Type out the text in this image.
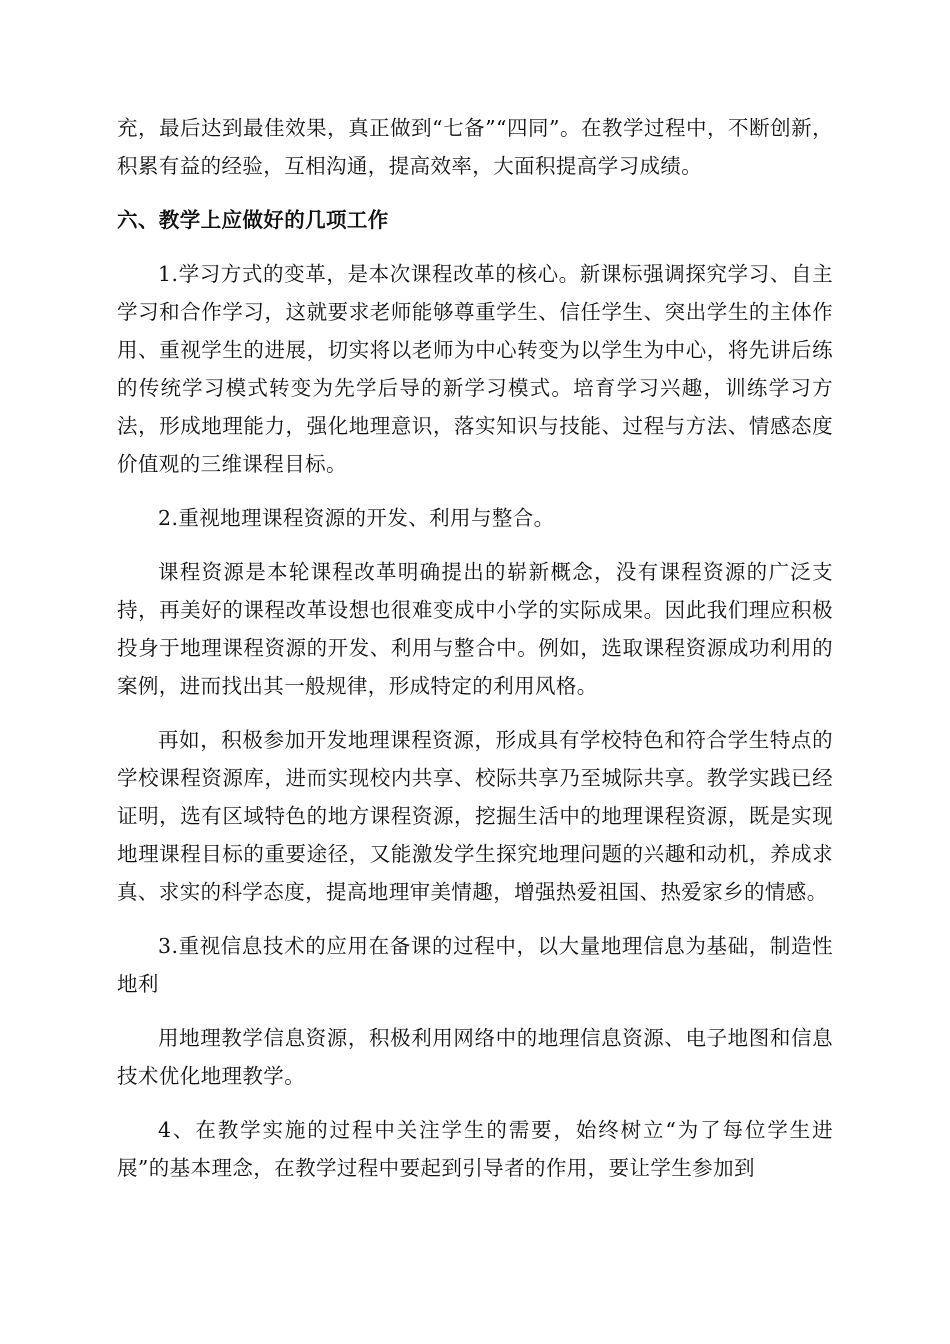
充，最后达到最佳效果，真正做到“七备”“四同”。在教学过程中，不断创新，积累有益的经验，互相沟通，提高效率，大面积提高学习成绩。

六、教学上应做好的几项工作

1.学习方式的变革，是本次课程改革的核心。新课标强调探究学习、自主学习和合作学习，这就要求老师能够尊重学生、信任学生、突出学生的主体作用、重视学生的进展，切实将以老师为中心转变为以学生为中心，将先讲后练的传统学习模式转变为先学后导的新学习模式。培育学习兴趣，训练学习方法，形成地理能力，强化地理意识，落实知识与技能、过程与方法、情感态度价值观的三维课程目标。

2.重视地理课程资源的开发、利用与整合。

课程资源是本轮课程改革明确提出的崭新概念，没有课程资源的广泛支持，再美好的课程改革设想也很难变成中小学的实际成果。因此我们理应积极投身于地理课程资源的开发、利用与整合中。例如，选取课程资源成功利用的案例，进而找出其一般规律，形成特定的利用风格。

再如，积极参加开发地理课程资源，形成具有学校特色和符合学生特点的学校课程资源库，进而实现校内共享、校际共享乃至城际共享。教学实践已经证明，选有区域特色的地方课程资源，挖掘生活中的地理课程资源，既是实现地理课程目标的重要途径，又能激发学生探究地理问题的兴趣和动机，养成求真、求实的科学态度，提高地理审美情趣，增强热爱祖国、热爱家乡的情感。

3.重视信息技术的应用在备课的过程中，以大量地理信息为基础，制造性地利

用地理教学信息资源，积极利用网络中的地理信息资源、电子地图和信息技术优化地理教学。

4、在教学实施的过程中关注学生的需要，始终树立“为了每位学生进展”的基本理念，在教学过程中要起到引导者的作用，要让学生参加到
